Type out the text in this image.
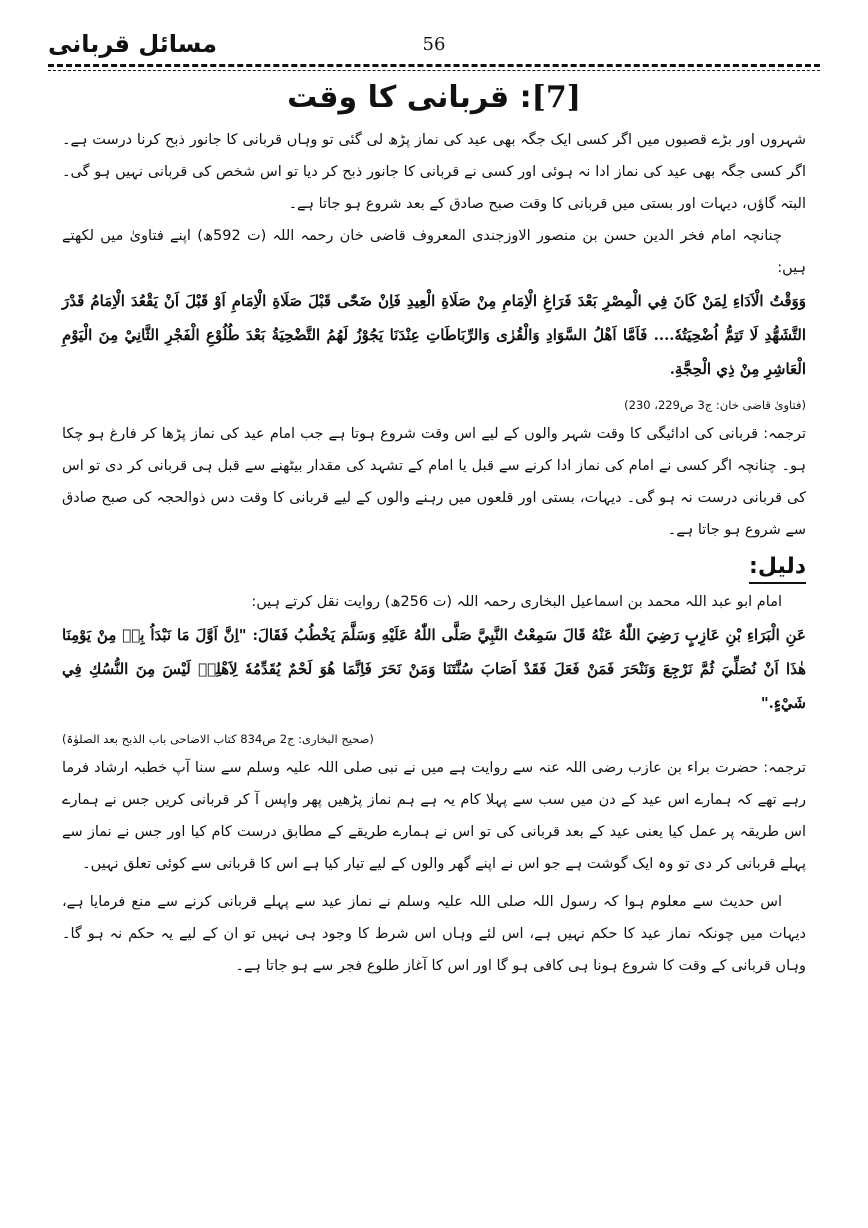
مسائل قربانی	56
[7]: قربانی کا وقت

شہروں اور بڑے قصبوں میں اگر کسی ایک جگہ بھی عید کی نماز پڑھ لی گئی تو وہاں قربانی کا جانور ذبح کرنا درست ہے۔ اگر کسی جگہ بھی عید کی نماز ادا نہ ہوئی اور کسی نے قربانی کا جانور ذبح کر دیا تو اس شخص کی قربانی نہیں ہو گی۔ البتہ گاؤں، دیہات اور بستی میں قربانی کا وقت صبح صادق کے بعد شروع ہو جاتا ہے۔

چنانچہ امام فخر الدین حسن بن منصور الاوزجندی المعروف قاضی خان رحمہ اللہ (ت 592ھ) اپنے فتاویٰ میں لکھتے ہیں:

وَوَقْتُ الْاَدَاءِ لِمَنْ كَانَ فِي الْمِصْرِ بَعْدَ فَرَاغِ الْاِمَامِ مِنْ صَلَاةِ الْعِيدِ فَاِنْ ضَحّٰى قَبْلَ صَلَاةِ الْاِمَامِ اَوْ قَبْلَ اَنْ يَقْعُدَ الْاِمَامُ قَدْرَ التَّشَهُّدِ لَا تَتِمُّ اُضْحِيَتُهٗ.... فَاَمَّا اَهْلُ السَّوَادِ وَالْقُرٰى وَالرِّبَاطَاتِ عِنْدَنَا يَجُوْزُ لَهُمُ التَّضْحِيَةُ بَعْدَ طُلُوْعِ الْفَجْرِ الثَّانِيْ مِنَ الْيَوْمِ الْعَاشِرِ مِنْ ذِي الْحِجَّةِ.

(فتاویٰ قاضی خان: ج3 ص229، 230)

ترجمہ: قربانی کی ادائیگی کا وقت شہر والوں کے لیے اس وقت شروع ہوتا ہے جب امام عید کی نماز پڑھا کر فارغ ہو چکا ہو۔ چنانچہ اگر کسی نے امام کی نماز ادا کرنے سے قبل یا امام کے تشہد کی مقدار بیٹھنے سے قبل ہی قربانی کر دی تو اس کی قربانی درست نہ ہو گی۔ دیہات، بستی اور قلعوں میں رہنے والوں کے لیے قربانی کا وقت دس ذوالحجہ کی صبح صادق سے شروع ہو جاتا ہے۔

دلیل:

امام ابو عبد اللہ محمد بن اسماعیل البخاری رحمہ اللہ (ت 256ھ) روایت نقل کرتے ہیں:

عَنِ الْبَرَاءِ بْنِ عَازِبٍ رَضِيَ اللّٰهُ عَنْهُ قَالَ سَمِعْتُ النَّبِيَّ صَلَّى اللّٰهُ عَلَيْهِ وَسَلَّمَ يَخْطُبُ فَقَالَ: "اِنَّ اَوَّلَ مَا نَبْدَاُ بِهٖ مِنْ يَوْمِنَا هٰذَا اَنْ نُصَلِّيَ ثُمَّ نَرْجِعَ وَنَنْحَرَ فَمَنْ فَعَلَ فَقَدْ اَصَابَ سُنَّتَنَا وَمَنْ نَحَرَ فَاِنَّمَا هُوَ لَحْمٌ يُقَدِّمُهٗ لِاَهْلِهٖ لَيْسَ مِنَ النُّسُكِ فِي شَيْءٍ."

(صحیح البخاری: ج2 ص834 کتاب الاضاحی باب الذبح بعد الصلوٰۃ)

ترجمہ: حضرت براء بن عازب رضی اللہ عنہ سے روایت ہے میں نے نبی صلی اللہ علیہ وسلم سے سنا آپ خطبہ ارشاد فرما رہے تھے کہ ہمارے اس عید کے دن میں سب سے پہلا کام یہ ہے ہم نماز پڑھیں پھر واپس آ کر قربانی کریں جس نے ہمارے اس طریقہ پر عمل کیا یعنی عید کے بعد قربانی کی تو اس نے ہمارے طریقے کے مطابق درست کام کیا اور جس نے نماز سے پہلے قربانی کر دی تو وہ ایک گوشت ہے جو اس نے اپنے گھر والوں کے لیے تیار کیا ہے اس کا قربانی سے کوئی تعلق نہیں۔

اس حدیث سے معلوم ہوا کہ رسول اللہ صلی اللہ علیہ وسلم نے نماز عید سے پہلے قربانی کرنے سے منع فرمایا ہے، دیہات میں چونکہ نماز عید کا حکم نہیں ہے، اس لئے وہاں اس شرط کا وجود ہی نہیں تو ان کے لیے یہ حکم نہ ہو گا۔ وہاں قربانی کے وقت کا شروع ہونا ہی کافی ہو گا اور اس کا آغاز طلوع فجر سے ہو جاتا ہے۔
